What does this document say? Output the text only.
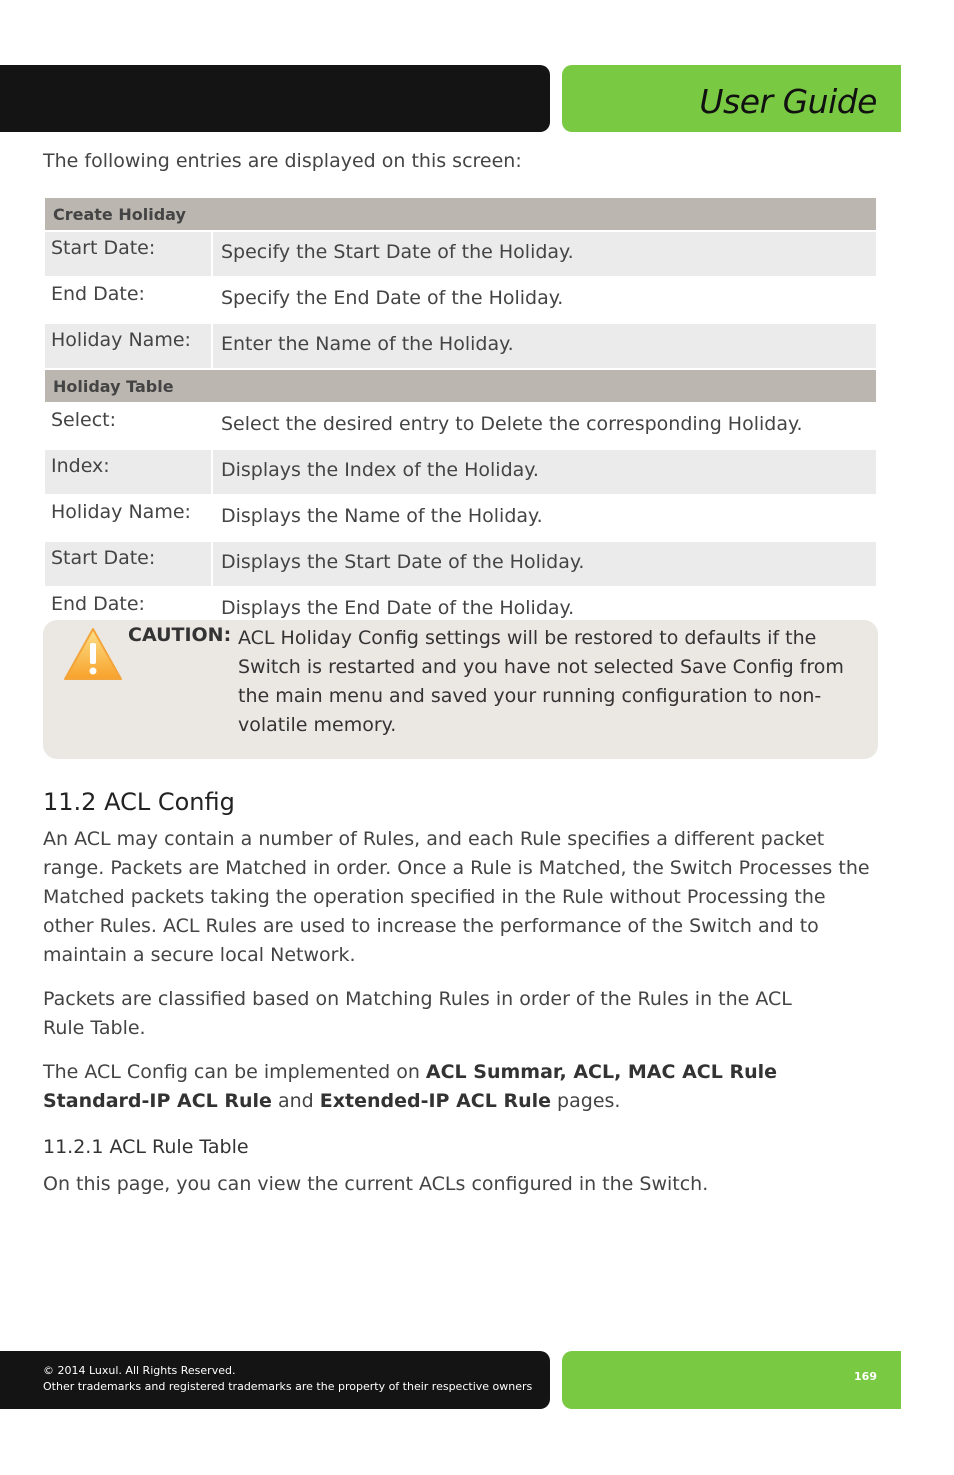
User Guide
The following entries are displayed on this screen:
Create Holiday	
Start Date:	Specify the Start Date of the Holiday.
End Date:	Specify the End Date of the Holiday.
Holiday Name:	Enter the Name of the Holiday.
Holiday Table	
Select:	Select the desired entry to Delete the corresponding Holiday.
Index:	Displays the Index of the Holiday.
Holiday Name:	Displays the Name of the Holiday.
Start Date:	Displays the Start Date of the Holiday.
End Date:	Displays the End Date of the Holiday.
CAUTION: ACL Holiday Config settings will be restored to defaults if the Switch is restarted and you have not selected Save Config from the main menu and saved your running configuration to non-volatile memory.
11.2 ACL Config

An ACL may contain a number of Rules, and each Rule specifies a different packet range. Packets are Matched in order. Once a Rule is Matched, the Switch Processes the Matched packets taking the operation specified in the Rule without Processing the other Rules. ACL Rules are used to increase the performance of the Switch and to maintain a secure local Network.

Packets are classified based on Matching Rules in order of the Rules in the ACL Rule Table.

The ACL Config can be implemented on ACL Summar, ACL, MAC ACL Rule Standard-IP ACL Rule and Extended-IP ACL Rule pages.

11.2.1 ACL Rule Table

On this page, you can view the current ACLs configured in the Switch.

© 2014 Luxul. All Rights Reserved.
Other trademarks and registered trademarks are the property of their respective owners
169
